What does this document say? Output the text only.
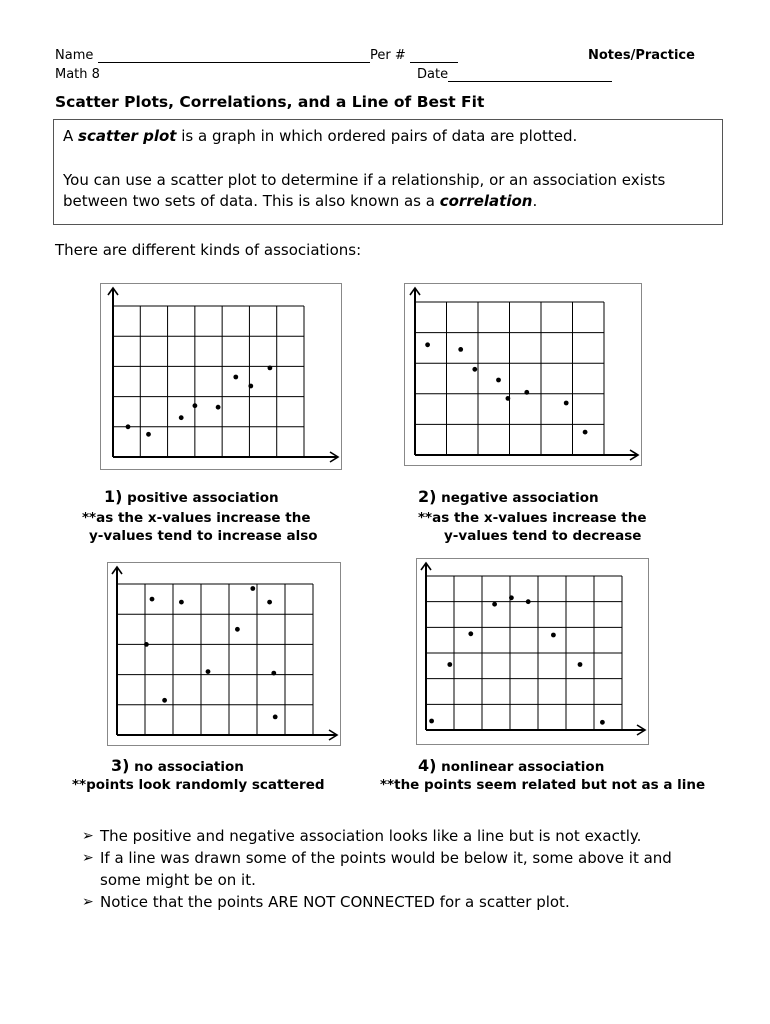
Name	Per #	Notes/Practice
Math 8	Date
Scatter Plots, Correlations, and a Line of Best Fit
A scatter plot is a graph in which ordered pairs of data are plotted.
You can use a scatter plot to determine if a relationship, or an association exists
between two sets of data. This is also known as a correlation.
There are different kinds of associations:
1) positive association
**as the x-values increase the
y-values tend to increase also
2) negative association
**as the x-values increase the
y-values tend to decrease
3) no association
**points look randomly scattered
4) nonlinear association
**the points seem related but not as a line
➢ The positive and negative association looks like a line but is not exactly.
➢ If a line was drawn some of the points would be below it, some above it and
some might be on it.
➢ Notice that the points ARE NOT CONNECTED for a scatter plot.
